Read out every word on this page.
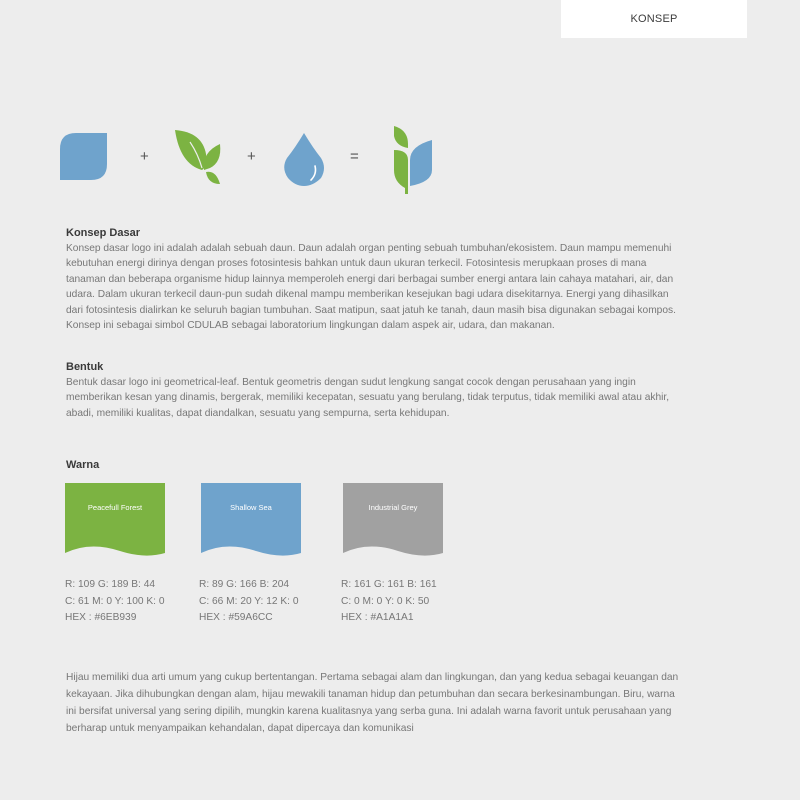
KONSEP
+	+	=
Konsep Dasar

Konsep dasar logo ini adalah adalah sebuah daun. Daun adalah organ penting sebuah tumbuhan/ekosistem. Daun mampu memenuhi
kebutuhan energi dirinya dengan proses fotosintesis bahkan untuk daun ukuran terkecil. Fotosintesis merupkaan proses di mana
tanaman dan beberapa organisme hidup lainnya memperoleh energi dari berbagai sumber energi antara lain cahaya matahari, air, dan
udara. Dalam ukuran terkecil daun-pun sudah dikenal mampu memberikan kesejukan bagi udara disekitarnya. Energi yang dihasilkan
dari fotosintesis dialirkan ke seluruh bagian tumbuhan. Saat matipun, saat jatuh ke tanah, daun masih bisa digunakan sebagai kompos.
Konsep ini sebagai simbol CDULAB sebagai laboratorium lingkungan dalam aspek air, udara, dan makanan.

Bentuk

Bentuk dasar logo ini geometrical-leaf. Bentuk geometris dengan sudut lengkung sangat cocok dengan perusahaan yang ingin
memberikan kesan yang dinamis, bergerak, memiliki kecepatan, sesuatu yang berulang, tidak terputus, tidak memiliki awal atau akhir,
abadi, memiliki kualitas, dapat diandalkan, sesuatu yang sempurna, serta kehidupan.

Warna
Peacefull Forest	Shallow Sea	Industrial Grey
R: 109 G: 189 B: 44
C: 61 M: 0 Y: 100 K: 0
HEX : #6EB939
R: 89 G: 166 B: 204
C: 66 M: 20 Y: 12 K: 0
HEX : #59A6CC
R: 161 G: 161 B: 161
C: 0 M: 0 Y: 0 K: 50
HEX : #A1A1A1

Hijau memiliki dua arti umum yang cukup bertentangan. Pertama sebagai alam dan lingkungan, dan yang kedua sebagai keuangan dan
kekayaan. Jika dihubungkan dengan alam, hijau mewakili tanaman hidup dan petumbuhan dan secara berkesinambungan. Biru, warna
ini bersifat universal yang sering dipilih, mungkin karena kualitasnya yang serba guna. Ini adalah warna favorit untuk perusahaan yang
berharap untuk menyampaikan kehandalan, dapat dipercaya dan komunikasi
